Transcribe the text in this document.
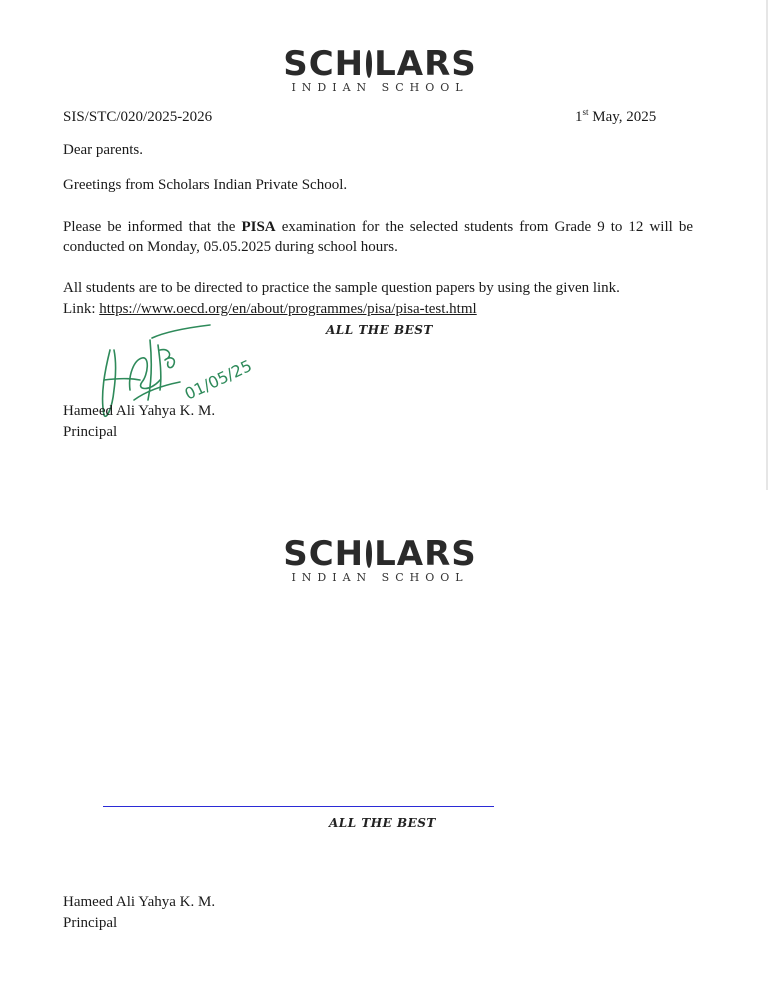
SCH LARS
INDIAN SCHOOL
SIS/STC/020/2025-2026	1st May, 2025
Dear parents.
Greetings from Scholars Indian Private School.
Please be informed that the PISA examination for the selected students from Grade 9 to 12 will be conducted on Monday, 05.05.2025 during school hours.
All students are to be directed to practice the sample question papers by using the given link.
Link: https://www.oecd.org/en/about/programmes/pisa/pisa-test.html
ALL THE BEST
01/05/25
Hameed Ali Yahya K. M.
Principal
SCH LARS
INDIAN SCHOOL
ALL THE BEST
Hameed Ali Yahya K. M.
Principal
